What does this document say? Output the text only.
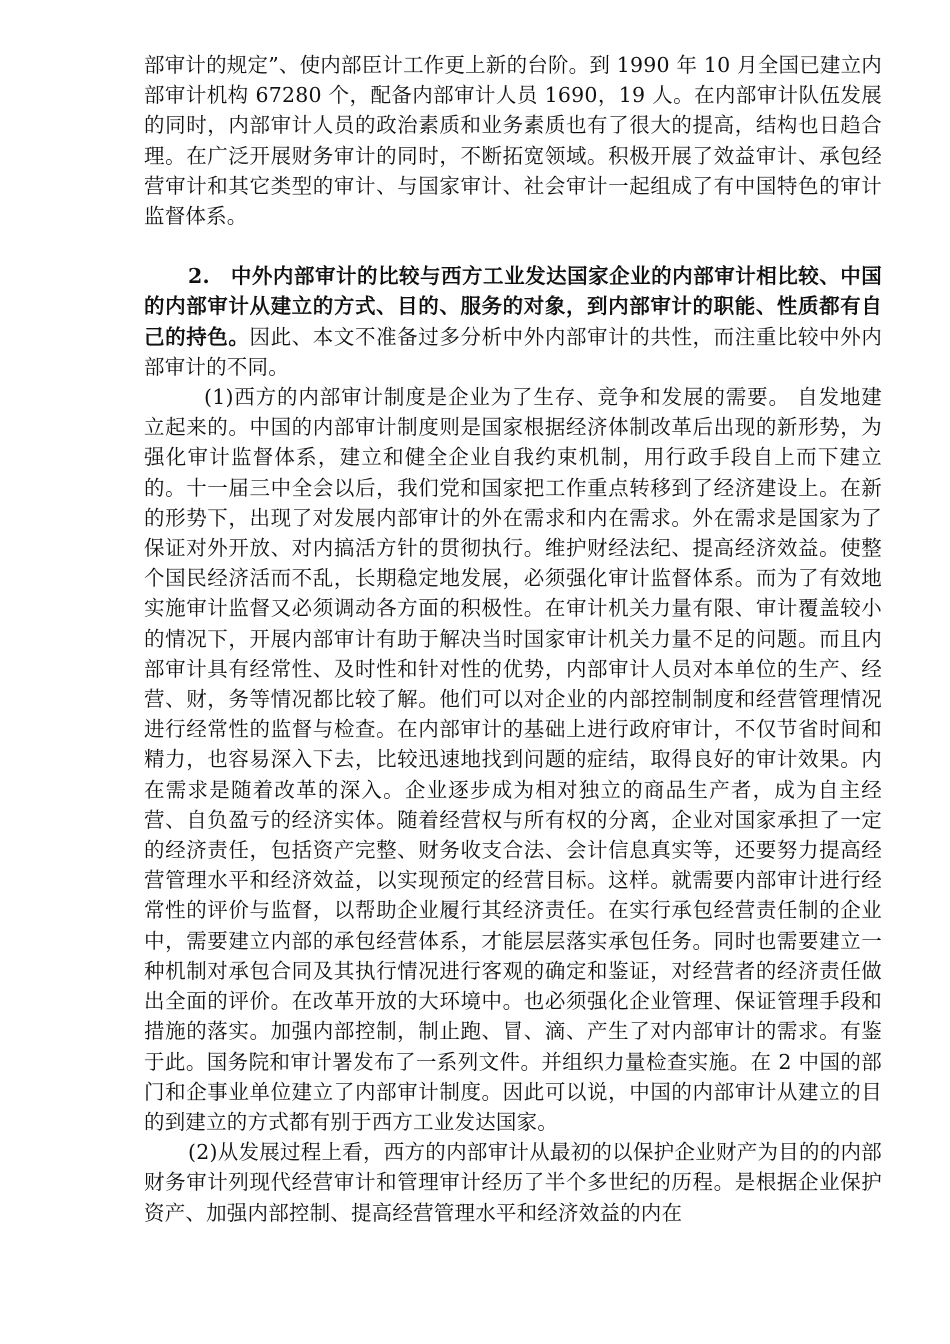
部审计的规定”、使内部臣计工作更上新的台阶。到 1990 年 10 月全国已建立内部审计机构 67280 个，配备内部审计人员 1690，19 人。在内部审计队伍发展的同时，内部审计人员的政治素质和业务素质也有了很大的提高，结构也日趋合理。在广泛开展财务审计的同时，不断拓宽领域。积极开展了效益审计、承包经营审计和其它类型的审计、与国家审计、社会审计一起组成了有中国特色的审计监督体系。

2. 中外内部审计的比较与西方工业发达国家企业的内部审计相比较、中国的内部审计从建立的方式、目的、服务的对象，到内部审计的职能、性质都有自己的持色。因此、本文不准备过多分析中外内部审计的共性，而注重比较中外内部审计的不同。

(1)西方的内部审计制度是企业为了生存、竞争和发展的需要。 自发地建立起来的。中国的内部审计制度则是国家根据经济体制改革后出现的新形势，为强化审计监督体系，建立和健全企业自我约束机制，用行政手段自上而下建立的。十一届三中全会以后，我们党和国家把工作重点转移到了经济建设上。在新的形势下，出现了对发展内部审计的外在需求和内在需求。外在需求是国家为了保证对外开放、对内搞活方针的贯彻执行。维护财经法纪、提高经济效益。使整个国民经济活而不乱，长期稳定地发展，必须强化审计监督体系。而为了有效地实施审计监督又必须调动各方面的积极性。在审计机关力量有限、审计覆盖较小的情况下，开展内部审计有助于解决当时国家审计机关力量不足的问题。而且内部审计具有经常性、及时性和针对性的优势，内部审计人员对本单位的生产、经营、财，务等情况都比较了解。他们可以对企业的内部控制制度和经营管理情况进行经常性的监督与检查。在内部审计的基础上进行政府审计，不仅节省时间和精力，也容易深入下去，比较迅速地找到问题的症结，取得良好的审计效果。内在需求是随着改革的深入。企业逐步成为相对独立的商品生产者，成为自主经营、自负盈亏的经济实体。随着经营权与所有权的分离，企业对国家承担了一定的经济责任，包括资产完整、财务收支合法、会计信息真实等，还要努力提高经营管理水平和经济效益，以实现预定的经营目标。这样。就需要内部审计进行经常性的评价与监督，以帮助企业履行其经济责任。在实行承包经营责任制的企业中，需要建立内部的承包经营体系，才能层层落实承包任务。同时也需要建立一种机制对承包合同及其执行情况进行客观的确定和鉴证，对经营者的经济责任做出全面的评价。在改革开放的大环境中。也必须强化企业管理、保证管理手段和措施的落实。加强内部控制，制止跑、冒、滴、产生了对内部审计的需求。有鉴于此。国务院和审计署发布了一系列文件。并组织力量检查实施。在 2 中国的部门和企事业单位建立了内部审计制度。因此可以说，中国的内部审计从建立的目的到建立的方式都有别于西方工业发达国家。

(2)从发展过程上看，西方的内部审计从最初的以保护企业财产为目的的内部财务审计列现代经营审计和管理审计经历了半个多世纪的历程。是根据企业保护资产、加强内部控制、提高经营管理水平和经济效益的内在
